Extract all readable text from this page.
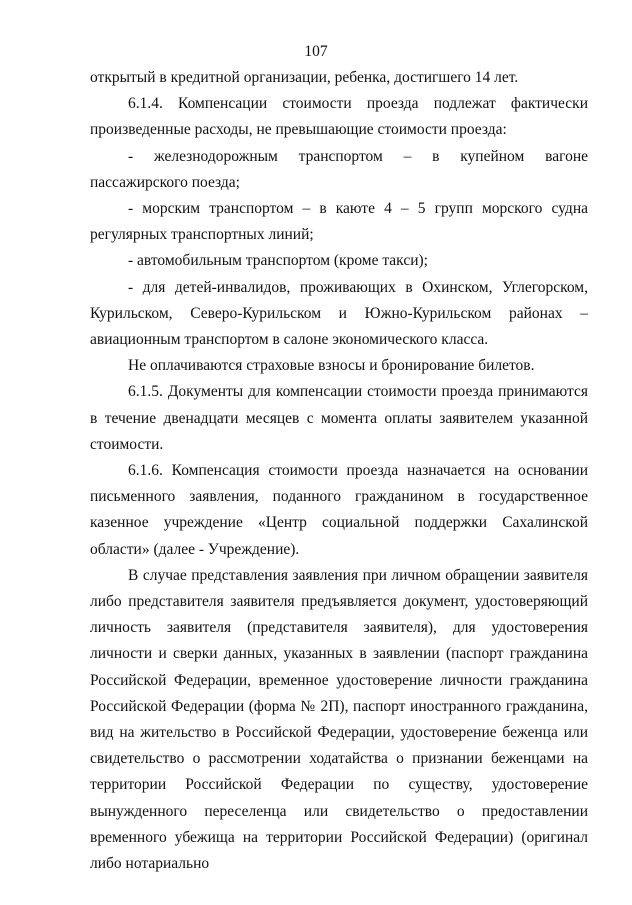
107

открытый в кредитной организации, ребенка, достигшего 14 лет.

6.1.4. Компенсации стоимости проезда подлежат фактически произведенные расходы, не превышающие стоимости проезда:

- железнодорожным транспортом – в купейном вагоне пассажирского поезда;

- морским транспортом – в каюте 4 – 5 групп морского судна регулярных транспортных линий;

- автомобильным транспортом (кроме такси);

- для детей-инвалидов, проживающих в Охинском, Углегорском, Курильском, Северо-Курильском и Южно-Курильском районах – авиационным транспортом в салоне экономического класса.

Не оплачиваются страховые взносы и бронирование билетов.

6.1.5. Документы для компенсации стоимости проезда принимаются в течение двенадцати месяцев с момента оплаты заявителем указанной стоимости.

6.1.6. Компенсация стоимости проезда назначается на основании письменного заявления, поданного гражданином в государственное казенное учреждение «Центр социальной поддержки Сахалинской области» (далее - Учреждение).

В случае представления заявления при личном обращении заявителя либо представителя заявителя предъявляется документ, удостоверяющий личность заявителя (представителя заявителя), для удостоверения личности и сверки данных, указанных в заявлении (паспорт гражданина Российской Федерации, временное удостоверение личности гражданина Российской Федерации (форма № 2П), паспорт иностранного гражданина, вид на жительство в Российской Федерации, удостоверение беженца или свидетельство о рассмотрении ходатайства о признании беженцами на территории Российской Федерации по существу, удостоверение вынужденного переселенца или свидетельство о предоставлении временного убежища на территории Российской Федерации) (оригинал либо нотариально
